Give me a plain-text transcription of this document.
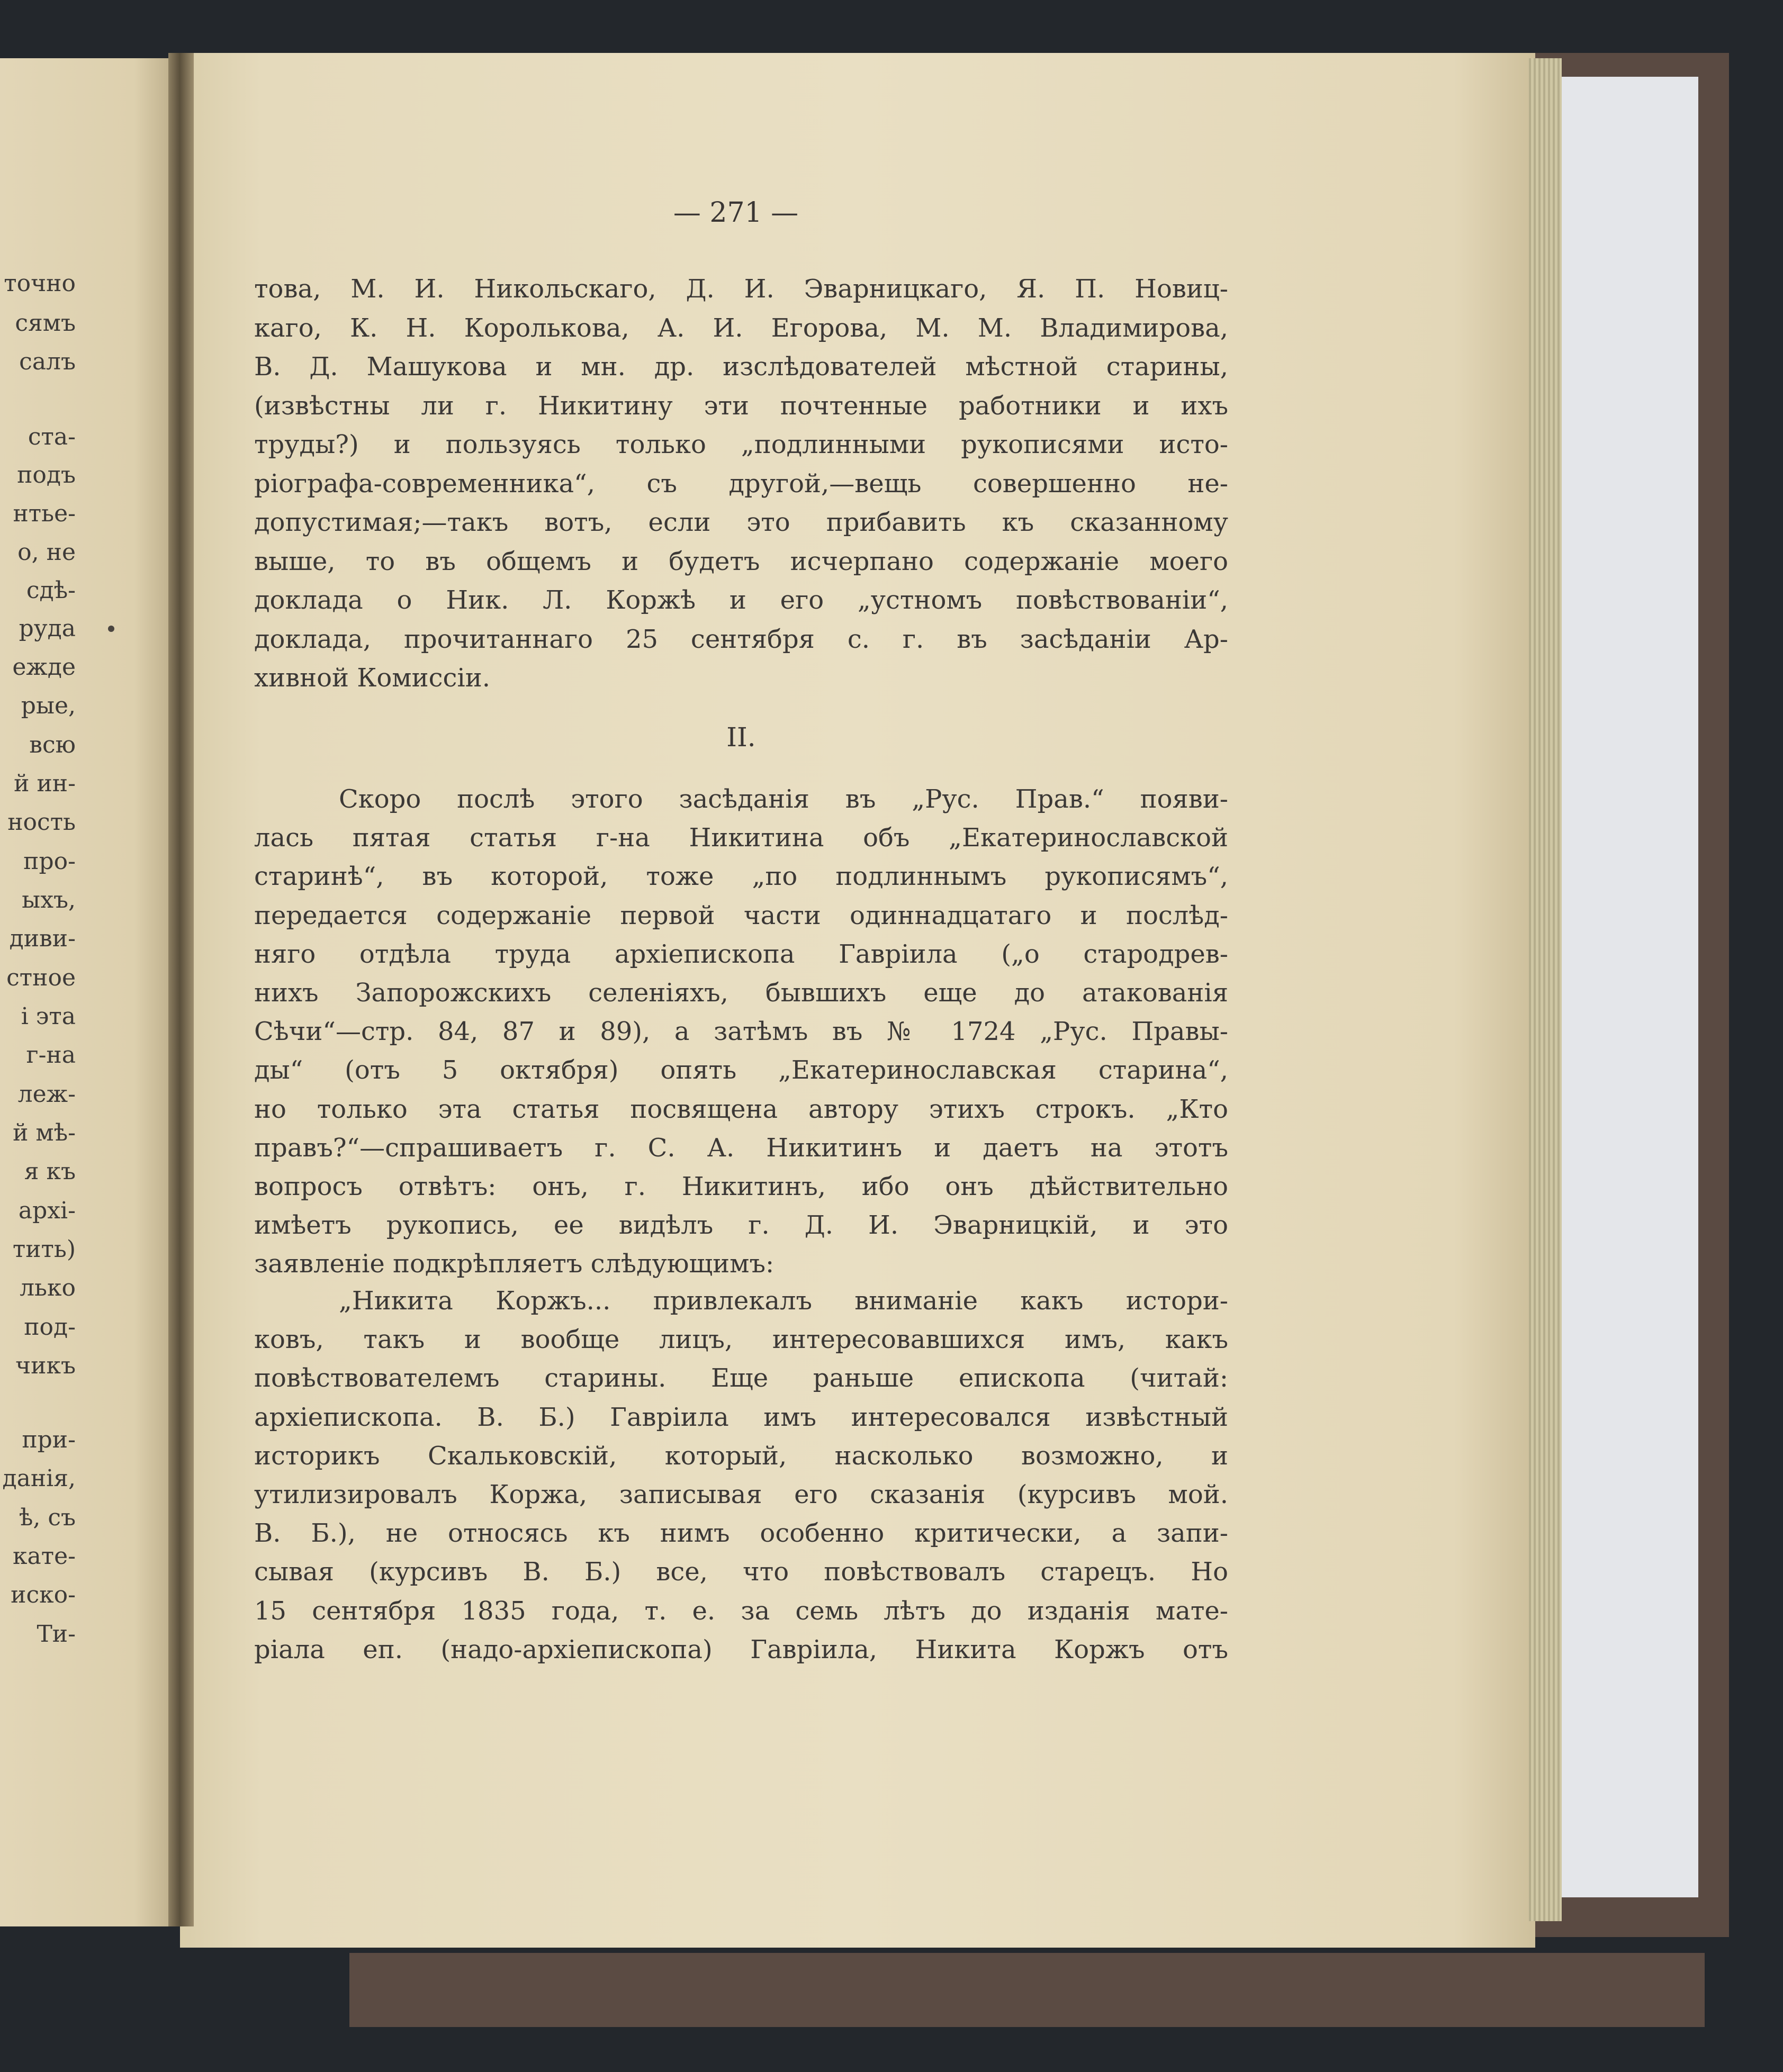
точно
сямъ
салъ
ста-
подъ
нтье-
о, не
сдѣ-
руда
ежде
рые,
всю
й ин-
ность
про-
ыхъ,
диви-
стное
і эта
г-на
леж-
й мѣ-
я къ
архі-
тить)
лько
под-
чикъ
при-
данія,
ѣ, съ
кате-
иско-
Ти-
— 271 —
това, М. И. Никольскаго, Д. И. Эварницкаго, Я. П. Новиц-
каго, К. Н. Королькова, А. И. Егорова, М. М. Владимирова,
В. Д. Машукова и мн. др. изслѣдователей мѣстной старины,
(извѣстны ли г. Никитину эти почтенные работники и ихъ
труды?) и пользуясь только „подлинными рукописями исто-
ріографа-современника“, съ другой,—вещь совершенно не-
допустимая;—такъ вотъ, если это прибавить къ сказанному
выше, то въ общемъ и будетъ исчерпано содержаніе моего
доклада о Ник. Л. Коржѣ и его „устномъ повѣствованіи“,
доклада, прочитаннаго 25 сентября с. г. въ засѣданіи Ар-
хивной Комиссіи.
II.
Скоро послѣ этого засѣданія въ „Рус. Прав.“ появи-
лась пятая статья г-на Никитина объ „Екатеринославской
старинѣ“, въ которой, тоже „по подлиннымъ рукописямъ“,
передается содержаніе первой части одиннадцатаго и послѣд-
няго отдѣла труда архіепископа Гавріила („о стародрев-
нихъ Запорожскихъ селеніяхъ, бывшихъ еще до атакованія
Сѣчи“—стр. 84, 87 и 89), а затѣмъ въ № 1724 „Рус. Правы-
ды“ (отъ 5 октября) опять „Екатеринославская старина“,
но только эта статья посвящена автору этихъ строкъ. „Кто
правъ?“—спрашиваетъ г. С. А. Никитинъ и даетъ на этотъ
вопросъ отвѣтъ: онъ, г. Никитинъ, ибо онъ дѣйствительно
имѣетъ рукопись, ее видѣлъ г. Д. И. Эварницкій, и это
заявленіе подкрѣпляетъ слѣдующимъ:
„Никита Коржъ... привлекалъ вниманіе какъ истори-
ковъ, такъ и вообще лицъ, интересовавшихся имъ, какъ
повѣствователемъ старины. Еще раньше епископа (читай:
архіепископа. В. Б.) Гавріила имъ интересовался извѣстный
историкъ Скальковскій, который, насколько возможно, и
утилизировалъ Коржа, записывая его сказанія (курсивъ мой.
В. Б.), не относясь къ нимъ особенно критически, а запи-
сывая (курсивъ В. Б.) все, что повѣствовалъ старецъ. Но
15 сентября 1835 года, т. е. за семь лѣтъ до изданія мате-
ріала еп. (надо-архіепископа) Гавріила, Никита Коржъ отъ
